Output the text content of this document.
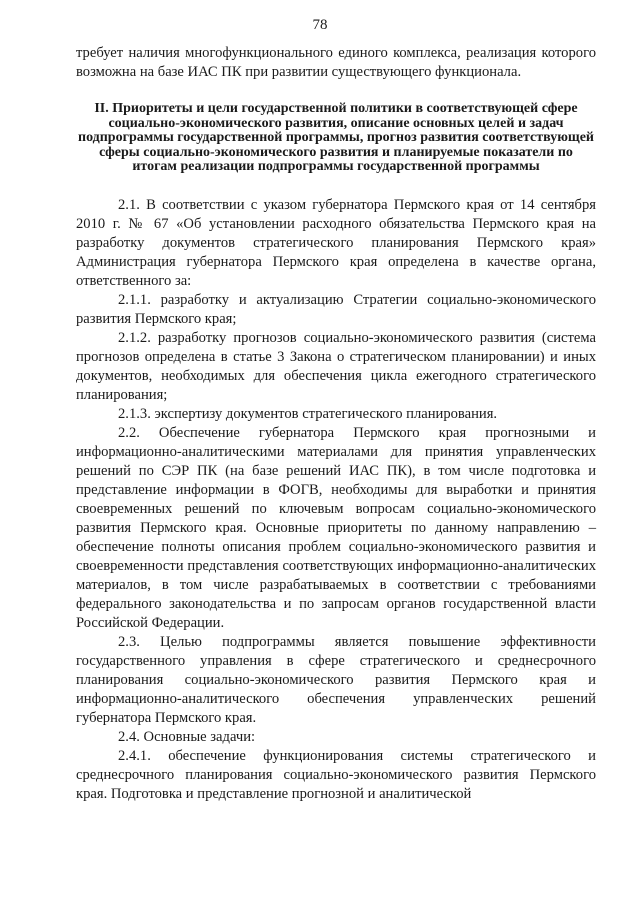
78

требует наличия многофункционального единого комплекса, реализация которого возможна на базе ИАС ПК при развитии существующего функционала.

II. Приоритеты и цели государственной политики в соответствующей сфере социально-экономического развития, описание основных целей и задач подпрограммы государственной программы, прогноз развития соответствующей сферы социально-экономического развития и планируемые показатели по итогам реализации подпрограммы государственной программы

2.1. В соответствии с указом губернатора Пермского края от 14 сентября 2010 г. № 67 «Об установлении расходного обязательства Пермского края на разработку документов стратегического планирования Пермского края» Администрация губернатора Пермского края определена в качестве органа, ответственного за:

2.1.1. разработку и актуализацию Стратегии социально-экономического развития Пермского края;

2.1.2. разработку прогнозов социально-экономического развития (система прогнозов определена в статье 3 Закона о стратегическом планировании) и иных документов, необходимых для обеспечения цикла ежегодного стратегического планирования;

2.1.3. экспертизу документов стратегического планирования.

2.2. Обеспечение губернатора Пермского края прогнозными и информационно-аналитическими материалами для принятия управленческих решений по СЭР ПК (на базе решений ИАС ПК), в том числе подготовка и представление информации в ФОГВ, необходимы для выработки и принятия своевременных решений по ключевым вопросам социально-экономического развития Пермского края. Основные приоритеты по данному направлению – обеспечение полноты описания проблем социально-экономического развития и своевременности представления соответствующих информационно-аналитических материалов, в том числе разрабатываемых в соответствии с требованиями федерального законодательства и по запросам органов государственной власти Российской Федерации.

2.3. Целью подпрограммы является повышение эффективности государственного управления в сфере стратегического и среднесрочного планирования социально-экономического развития Пермского края и информационно-аналитического обеспечения управленческих решений губернатора Пермского края.

2.4. Основные задачи:

2.4.1. обеспечение функционирования системы стратегического и среднесрочного планирования социально-экономического развития Пермского края. Подготовка и представление прогнозной и аналитической
